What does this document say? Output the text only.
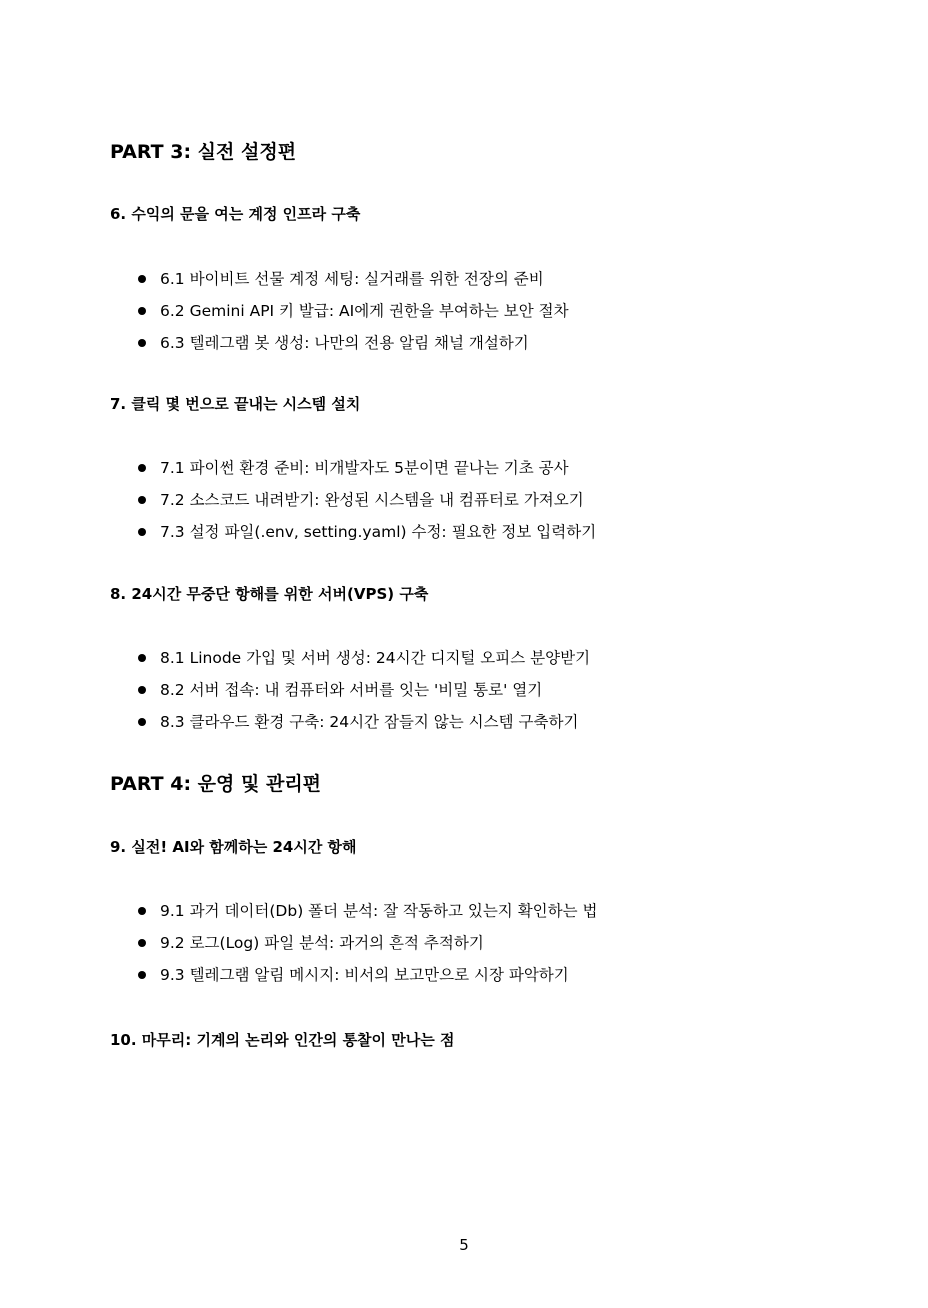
PART 3: 실전 설정편
6. 수익의 문을 여는 계정 인프라 구축
6.1 바이비트 선물 계정 세팅: 실거래를 위한 전장의 준비
6.2 Gemini API 키 발급: AI에게 권한을 부여하는 보안 절차
6.3 텔레그램 봇 생성: 나만의 전용 알림 채널 개설하기
7. 클릭 몇 번으로 끝내는 시스템 설치
7.1 파이썬 환경 준비: 비개발자도 5분이면 끝나는 기초 공사
7.2 소스코드 내려받기: 완성된 시스템을 내 컴퓨터로 가져오기
7.3 설정 파일(.env, setting.yaml) 수정: 필요한 정보 입력하기
8. 24시간 무중단 항해를 위한 서버(VPS) 구축
8.1 Linode 가입 및 서버 생성: 24시간 디지털 오피스 분양받기
8.2 서버 접속: 내 컴퓨터와 서버를 잇는 '비밀 통로' 열기
8.3 클라우드 환경 구축: 24시간 잠들지 않는 시스템 구축하기
PART 4: 운영 및 관리편
9. 실전! AI와 함께하는 24시간 항해
9.1 과거 데이터(Db) 폴더 분석: 잘 작동하고 있는지 확인하는 법
9.2 로그(Log) 파일 분석: 과거의 흔적 추적하기
9.3 텔레그램 알림 메시지: 비서의 보고만으로 시장 파악하기
10. 마무리: 기계의 논리와 인간의 통찰이 만나는 점
5
